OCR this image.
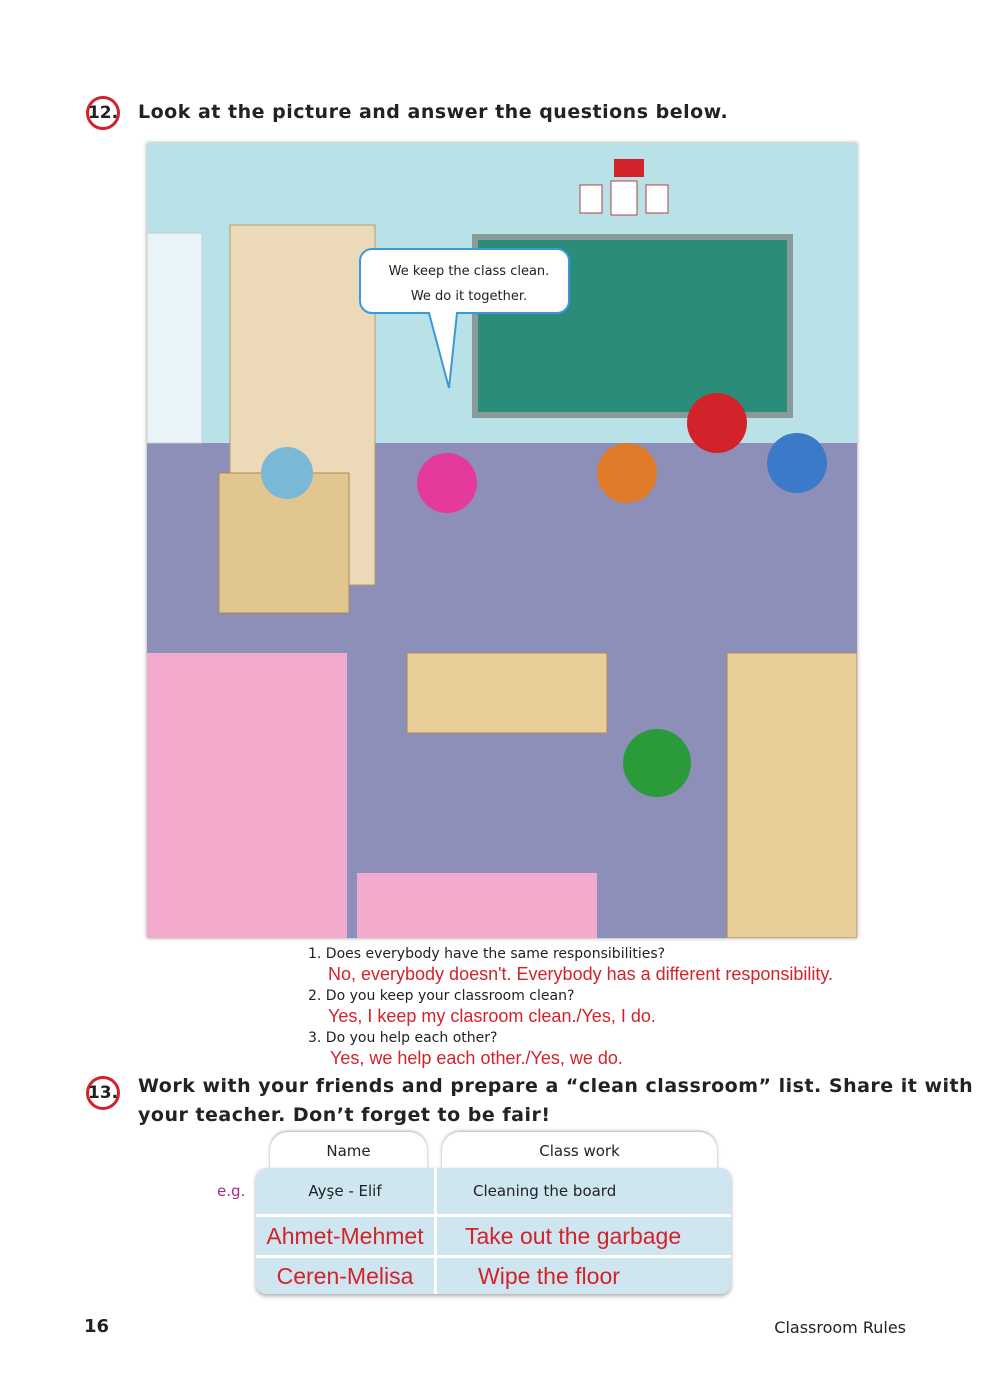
12. Look at the picture and answer the questions below.
We keep the class clean.
We do it together.
1. Does everybody have the same responsibilities?
No, everybody doesn't. Everybody has a different responsibility.
2. Do you keep your classroom clean?
Yes, I keep my clasroom clean./Yes, I do.
3. Do you help each other?
Yes, we help each other./Yes, we do.
13. Work with your friends and prepare a “clean classroom” list. Share it with
your teacher. Don’t forget to be fair!
Name	Class work
e.g.	Ayşe - Elif	Cleaning the board
Ahmet-Mehmet	Take out the garbage
Ceren-Melisa	Wipe the floor
16	Classroom Rules
